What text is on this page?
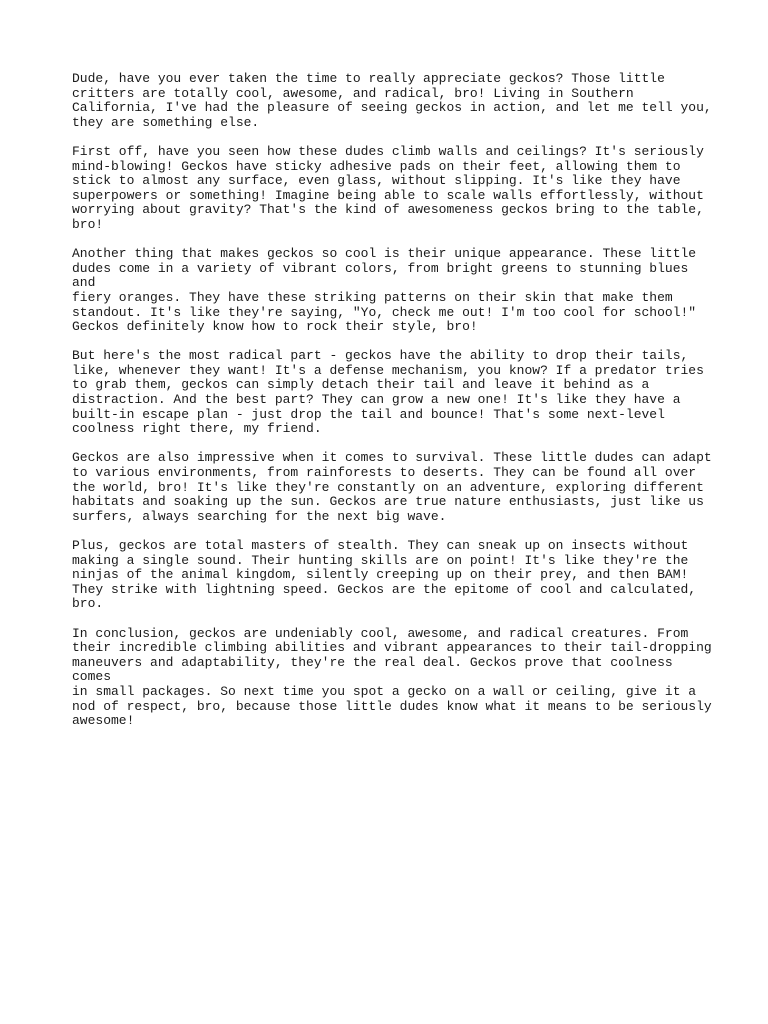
Dude, have you ever taken the time to really appreciate geckos? Those little
critters are totally cool, awesome, and radical, bro! Living in Southern
California, I've had the pleasure of seeing geckos in action, and let me tell you,
they are something else.

First off, have you seen how these dudes climb walls and ceilings? It's seriously
mind-blowing! Geckos have sticky adhesive pads on their feet, allowing them to
stick to almost any surface, even glass, without slipping. It's like they have
superpowers or something! Imagine being able to scale walls effortlessly, without
worrying about gravity? That's the kind of awesomeness geckos bring to the table,
bro!

Another thing that makes geckos so cool is their unique appearance. These little
dudes come in a variety of vibrant colors, from bright greens to stunning blues and
fiery oranges. They have these striking patterns on their skin that make them
standout. It's like they're saying, "Yo, check me out! I'm too cool for school!"
Geckos definitely know how to rock their style, bro!

But here's the most radical part - geckos have the ability to drop their tails,
like, whenever they want! It's a defense mechanism, you know? If a predator tries
to grab them, geckos can simply detach their tail and leave it behind as a
distraction. And the best part? They can grow a new one! It's like they have a
built-in escape plan - just drop the tail and bounce! That's some next-level
coolness right there, my friend.

Geckos are also impressive when it comes to survival. These little dudes can adapt
to various environments, from rainforests to deserts. They can be found all over
the world, bro! It's like they're constantly on an adventure, exploring different
habitats and soaking up the sun. Geckos are true nature enthusiasts, just like us
surfers, always searching for the next big wave.

Plus, geckos are total masters of stealth. They can sneak up on insects without
making a single sound. Their hunting skills are on point! It's like they're the
ninjas of the animal kingdom, silently creeping up on their prey, and then BAM!
They strike with lightning speed. Geckos are the epitome of cool and calculated,
bro.

In conclusion, geckos are undeniably cool, awesome, and radical creatures. From
their incredible climbing abilities and vibrant appearances to their tail-dropping
maneuvers and adaptability, they're the real deal. Geckos prove that coolness comes
in small packages. So next time you spot a gecko on a wall or ceiling, give it a
nod of respect, bro, because those little dudes know what it means to be seriously
awesome!
